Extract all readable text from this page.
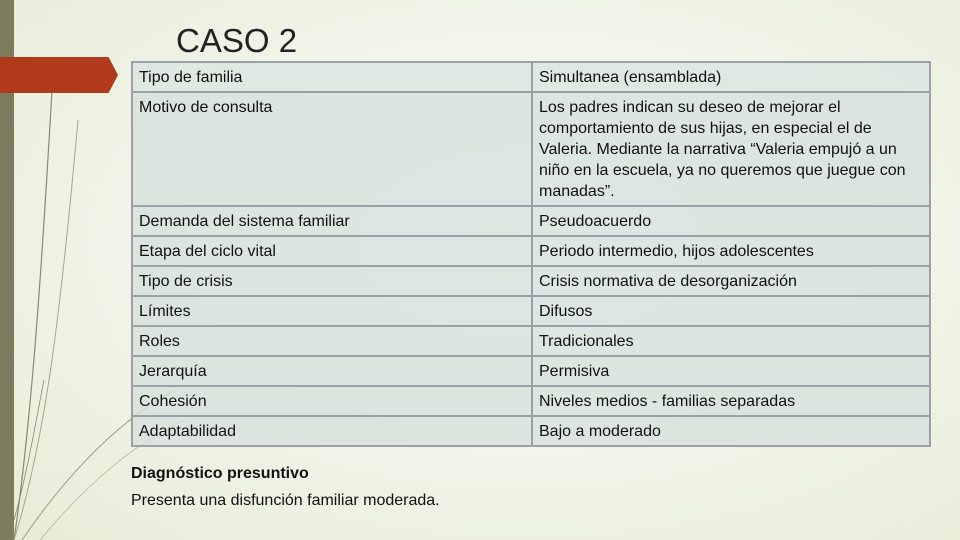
CASO 2
Tipo de familia	Simultanea (ensamblada)
Motivo de consulta	Los padres indican su deseo de mejorar el comportamiento de sus hijas, en especial el de Valeria. Mediante la narrativa “Valeria empujó a un niño en la escuela, ya no queremos que juegue con manadas”.
Demanda del sistema familiar	Pseudoacuerdo
Etapa del ciclo vital	Periodo intermedio, hijos adolescentes
Tipo de crisis	Crisis normativa de desorganización
Límites	Difusos
Roles	Tradicionales
Jerarquía	Permisiva
Cohesión	Niveles medios - familias separadas
Adaptabilidad	Bajo a moderado
Diagnóstico presuntivo
Presenta una disfunción familiar moderada.
